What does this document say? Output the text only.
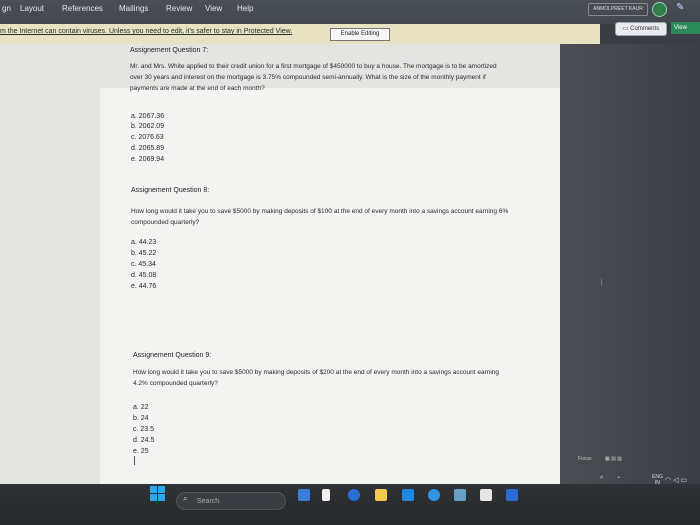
gn Layout References Mailings Review View Help	ANMOLPREET KAUR	✎
m the Internet can contain viruses. Unless you need to edit, it's safer to stay in Protected View.	Enable Editing
▭ Comments	View
Assignement Question 7:
Mr. and Mrs. White applied to their credit union for a first mortgage of $450000 to buy a house. The mortgage is to be amortized over 30 years and interest on the mortgage is 3.75% compounded semi-annually. What is the size of the monthly payment if payments are made at the end of each month?
a. 2067.36
b. 2062.09
c. 2076.63
d. 2065.89
e. 2069.94
Assignement Question 8:
How long would it take you to save $5000 by making deposits of $100 at the end of every month into a savings account earning 6% compounded quarterly?
a. 44.23
b. 45.22
c. 45.34
d. 45.08
e. 44.76
Assignement Question 9:
How long would it take you to save $5000 by making deposits of $200 at the end of every month into a savings account earning 4.2% compounded quarterly?
a. 22
b. 24
c. 23.5
d. 24.5
e. 25
I
Focus	▦ ▤ ▥
Search
⌕
ENG
IN ◠ ◁ ▭
^ ◔
